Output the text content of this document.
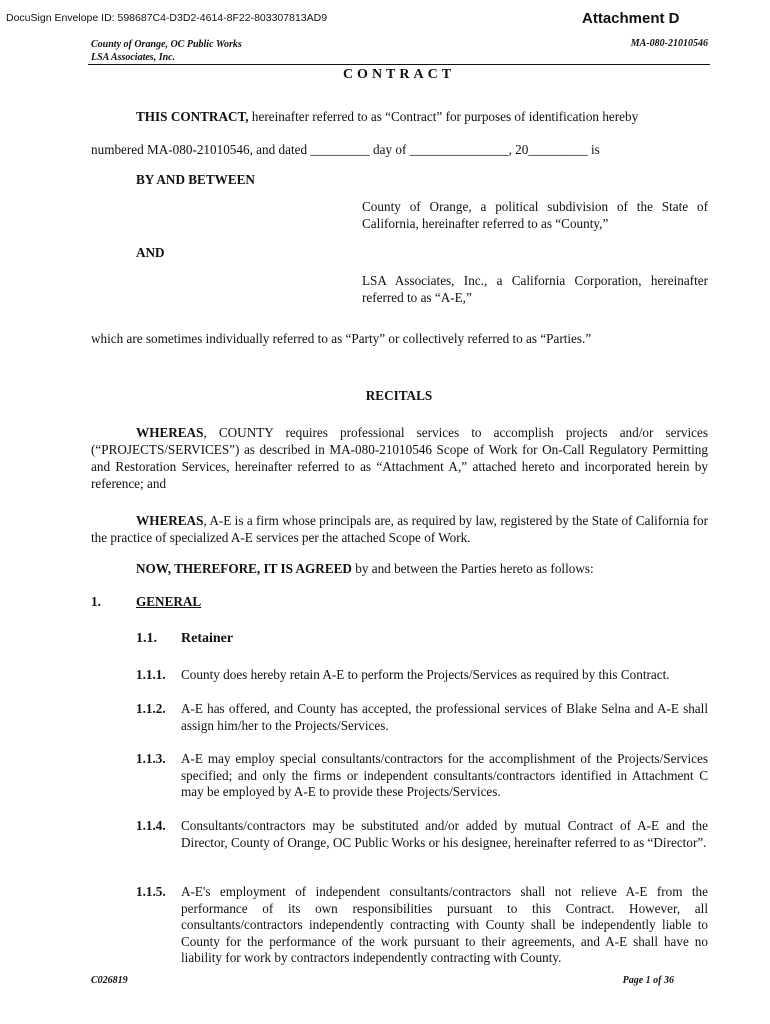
DocuSign Envelope ID: 598687C4-D3D2-4614-8F22-803307813AD9	Attachment D
County of Orange, OC Public Works
LSA Associates, Inc.
MA-080-21010546
CONTRACT
THIS CONTRACT, hereinafter referred to as “Contract” for purposes of identification hereby
numbered MA-080-21010546, and dated _________ day of _______________, 20_________ is
BY AND BETWEEN
County of Orange, a political subdivision of the State of California, hereinafter referred to as “County,”
AND
LSA Associates, Inc., a California Corporation, hereinafter referred to as “A-E,”
which are sometimes individually referred to as “Party” or collectively referred to as “Parties.”
RECITALS
WHEREAS, COUNTY requires professional services to accomplish projects and/or services (“PROJECTS/SERVICES”) as described in MA-080-21010546 Scope of Work for On-Call Regulatory Permitting and Restoration Services, hereinafter referred to as “Attachment A,” attached hereto and incorporated herein by reference; and
WHEREAS, A-E is a firm whose principals are, as required by law, registered by the State of California for the practice of specialized A-E services per the attached Scope of Work.
NOW, THEREFORE, IT IS AGREED by and between the Parties hereto as follows:
1.	GENERAL
1.1. Retainer
1.1.1.	County does hereby retain A-E to perform the Projects/Services as required by this Contract.
1.1.2.	A-E has offered, and County has accepted, the professional services of Blake Selna and A-E shall assign him/her to the Projects/Services.
1.1.3.	A-E may employ special consultants/contractors for the accomplishment of the Projects/Services specified; and only the firms or independent consultants/contractors identified in Attachment C may be employed by A-E to provide these Projects/Services.
1.1.4.	Consultants/contractors may be substituted and/or added by mutual Contract of A-E and the Director, County of Orange, OC Public Works or his designee, hereinafter referred to as “Director”.
1.1.5.	A-E's employment of independent consultants/contractors shall not relieve A-E from the performance of its own responsibilities pursuant to this Contract. However, all consultants/contractors independently contracting with County shall be independently liable to County for the performance of the work pursuant to their agreements, and A-E shall have no liability for work by contractors independently contracting with County.
C026819	Page 1 of 36
